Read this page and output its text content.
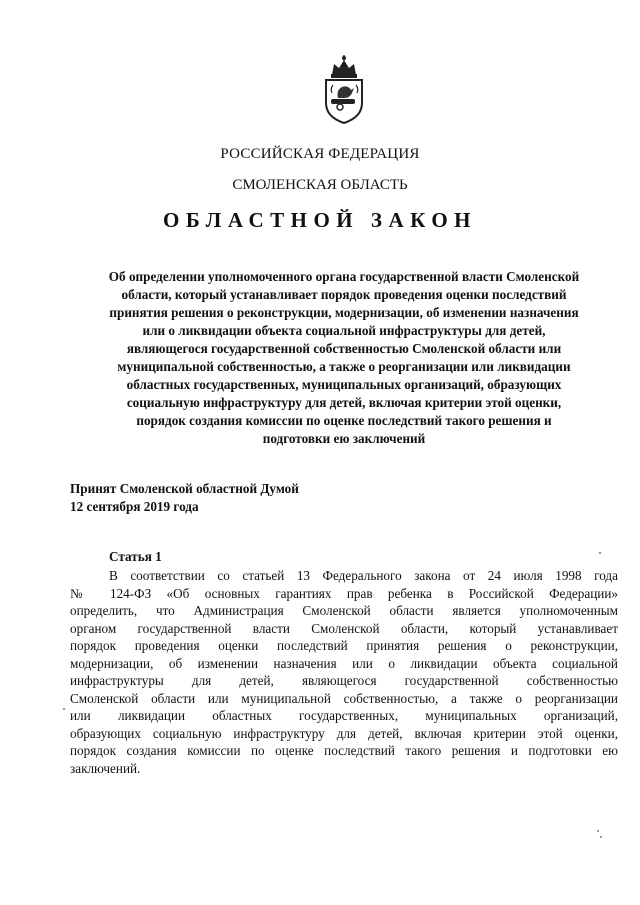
РОССИЙСКАЯ ФЕДЕРАЦИЯ
СМОЛЕНСКАЯ ОБЛАСТЬ
ОБЛАСТНОЙ ЗАКОН
Об определении уполномоченного органа государственной власти Смоленской
области, который устанавливает порядок проведения оценки последствий
принятия решения о реконструкции, модернизации, об изменении назначения
или о ликвидации объекта социальной инфраструктуры для детей,
являющегося государственной собственностью Смоленской области или
муниципальной собственностью, а также о реорганизации или ликвидации
областных государственных, муниципальных организаций, образующих
социальную инфраструктуру для детей, включая критерии этой оценки,
порядок создания комиссии по оценке последствий такого решения и
подготовки ею заключений
Принят Смоленской областной Думой
12 сентября 2019 года
Статья 1
В соответствии со статьей 13 Федерального закона от 24 июля 1998 года
№ 124-ФЗ «Об основных гарантиях прав ребенка в Российской Федерации»
определить, что Администрация Смоленской области является уполномоченным
органом государственной власти Смоленской области, который устанавливает
порядок проведения оценки последствий принятия решения о реконструкции,
модернизации, об изменении назначения или о ликвидации объекта социальной
инфраструктуры для детей, являющегося государственной собственностью
Смоленской области или муниципальной собственностью, а также о реорганизации
или ликвидации областных государственных, муниципальных организаций,
образующих социальную инфраструктуру для детей, включая критерии этой оценки,
порядок создания комиссии по оценке последствий такого решения и подготовки ею
заключений.
